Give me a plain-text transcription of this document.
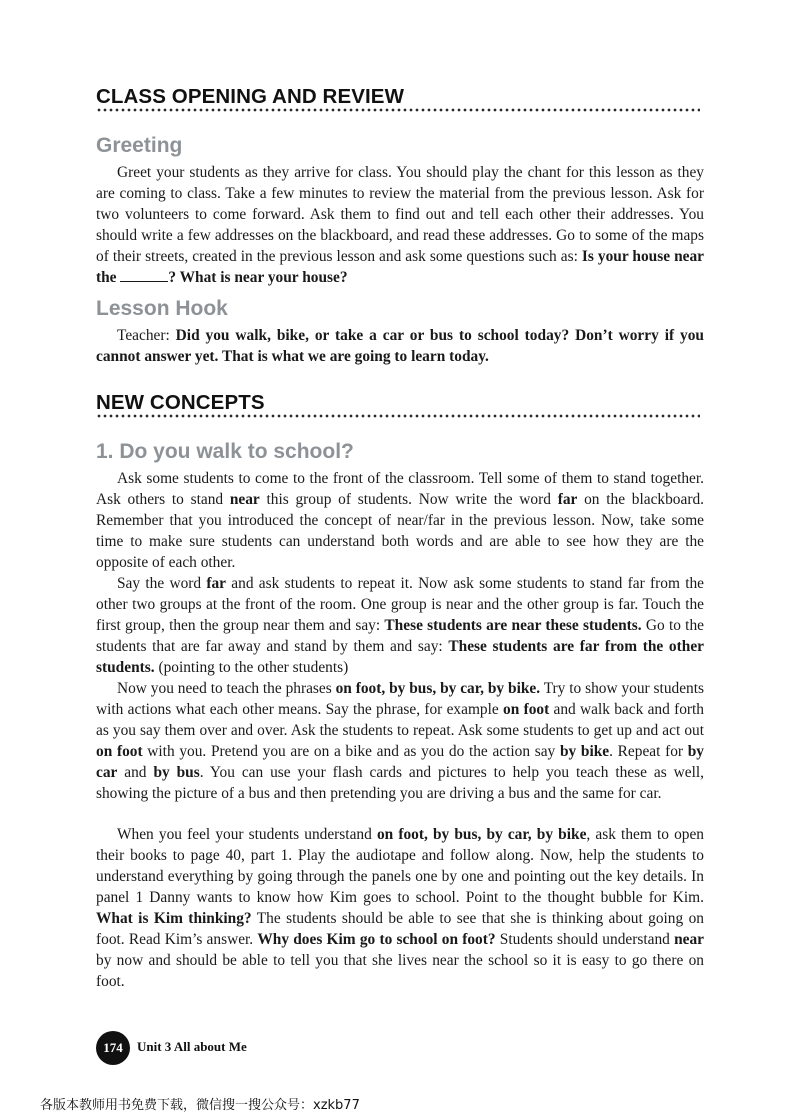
CLASS OPENING AND REVIEW
Greeting

Greet your students as they arrive for class. You should play the chant for this lesson as they are coming to class. Take a few minutes to review the material from the previous lesson. Ask for two volunteers to come forward. Ask them to find out and tell each other their addresses. You should write a few addresses on the blackboard, and read these addresses. Go to some of the maps of their streets, created in the previous lesson and ask some questions such as: Is your house near the	? What is near your house?

Lesson Hook

Teacher: Did you walk, bike, or take a car or bus to school today? Don’t worry if you cannot answer yet. That is what we are going to learn today.

NEW CONCEPTS
1. Do you walk to school?

Ask some students to come to the front of the classroom. Tell some of them to stand together. Ask others to stand near this group of students. Now write the word far on the blackboard. Remember that you introduced the concept of near/far in the previous lesson. Now, take some time to make sure students can understand both words and are able to see how they are the opposite of each other.

Say the word far and ask students to repeat it. Now ask some students to stand far from the other two groups at the front of the room. One group is near and the other group is far. Touch the first group, then the group near them and say: These students are near these students. Go to the students that are far away and stand by them and say: These students are far from the other students. (pointing to the other students)

Now you need to teach the phrases on foot, by bus, by car, by bike. Try to show your students with actions what each other means. Say the phrase, for example on foot and walk back and forth as you say them over and over. Ask the students to repeat. Ask some students to get up and act out on foot with you. Pretend you are on a bike and as you do the action say by bike. Repeat for by car and by bus. You can use your flash cards and pictures to help you teach these as well, showing the picture of a bus and then pretending you are driving a bus and the same for car.

When you feel your students understand on foot, by bus, by car, by bike, ask them to open their books to page 40, part 1. Play the audiotape and follow along. Now, help the students to understand everything by going through the panels one by one and pointing out the key details. In panel 1 Danny wants to know how Kim goes to school. Point to the thought bubble for Kim. What is Kim thinking? The students should be able to see that she is thinking about going on foot. Read Kim’s answer. Why does Kim go to school on foot? Students should understand near by now and should be able to tell you that she lives near the school so it is easy to go there on foot.

174	Unit 3 All about Me
各版本教师用书免费下载，微信搜一搜公众号：xzkb77
